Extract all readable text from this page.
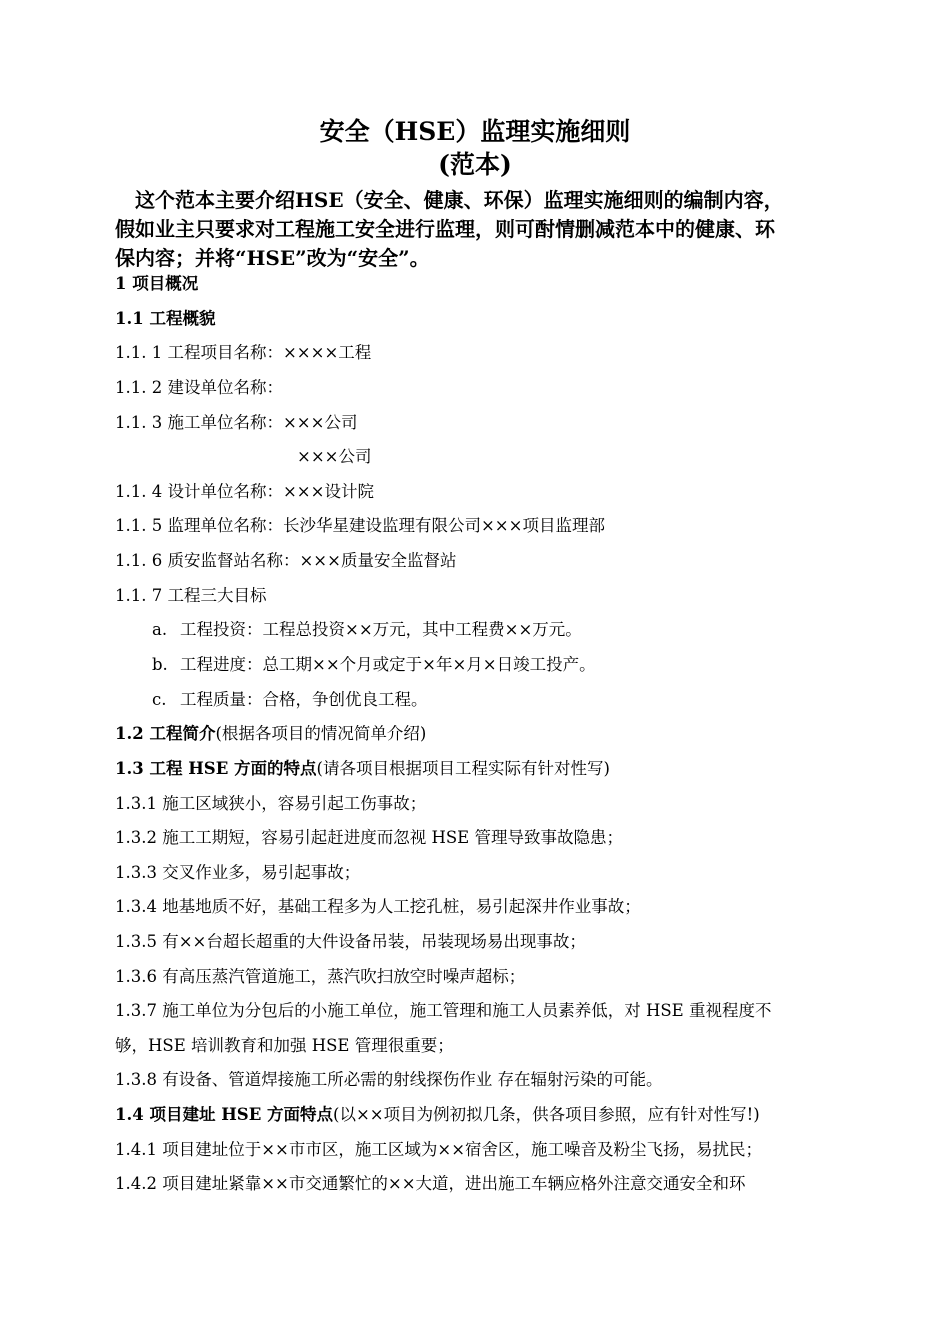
安全（HSE）监理实施细则
(范本)
　这个范本主要介绍HSE（安全、健康、环保）监理实施细则的编制内容，
假如业主只要求对工程施工安全进行监理，则可酎情删减范本中的健康、环
保内容；并将“HSE”改为“安全”。
1 项目概况
1.1 工程概貌
1.1. 1 工程项目名称：××××工程
1.1. 2 建设单位名称：
1.1. 3 施工单位名称：×××公司
×××公司
1.1. 4 设计单位名称：×××设计院
1.1. 5 监理单位名称：长沙华星建设监理有限公司×××项目监理部
1.1. 6 质安监督站名称：×××质量安全监督站
1.1. 7 工程三大目标
a. 工程投资：工程总投资××万元，其中工程费××万元。
b. 工程进度：总工期××个月或定于×年×月×日竣工投产。
c. 工程质量：合格，争创优良工程。
1.2 工程简介(根据各项目的情况简单介绍)
1.3 工程 HSE 方面的特点(请各项目根据项目工程实际有针对性写)
1.3.1 施工区域狭小，容易引起工伤事故；
1.3.2 施工工期短，容易引起赶进度而忽视 HSE 管理导致事故隐患；
1.3.3 交叉作业多，易引起事故；
1.3.4 地基地质不好，基础工程多为人工挖孔桩，易引起深井作业事故；
1.3.5 有××台超长超重的大件设备吊装，吊装现场易出现事故；
1.3.6 有高压蒸汽管道施工，蒸汽吹扫放空时噪声超标；
1.3.7 施工单位为分包后的小施工单位，施工管理和施工人员素养低，对 HSE 重视程度不
够，HSE 培训教育和加强 HSE 管理很重要；
1.3.8 有设备、管道焊接施工所必需的射线探伤作业 存在辐射污染的可能。
1.4 项目建址 HSE 方面特点(以××项目为例初拟几条，供各项目参照，应有针对性写!)
1.4.1 项目建址位于××市市区，施工区域为××宿舍区，施工噪音及粉尘飞扬，易扰民；
1.4.2 项目建址紧靠××市交通繁忙的××大道，进出施工车辆应格外注意交通安全和环
